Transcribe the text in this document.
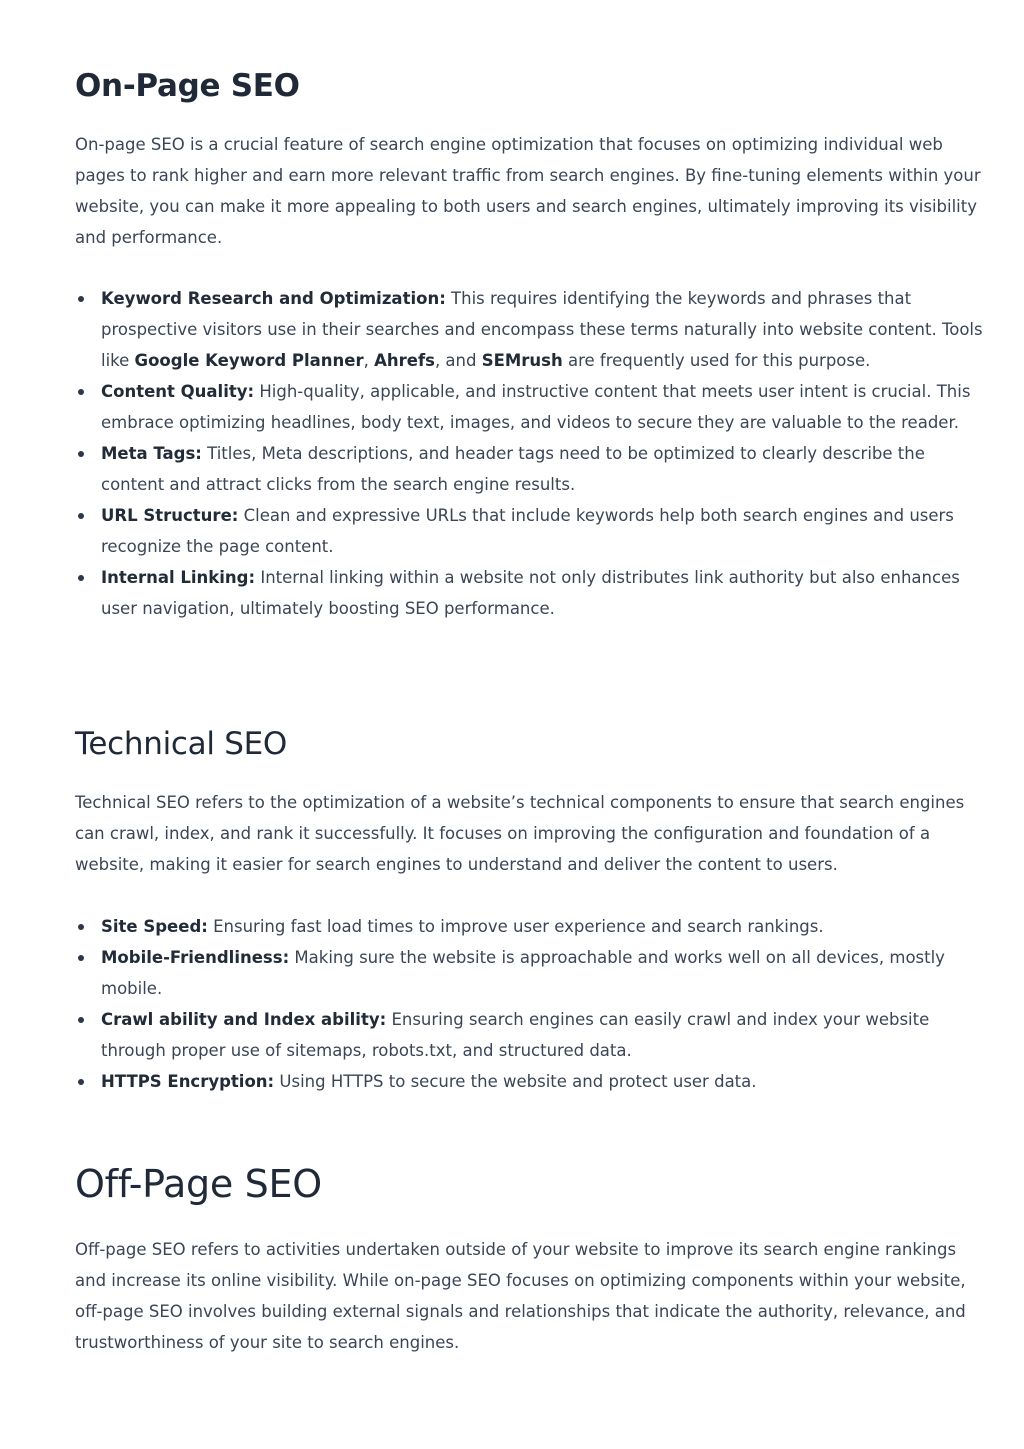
On-Page SEO

On-page SEO is a crucial feature of search engine optimization that focuses on optimizing individual web pages to rank higher and earn more relevant traffic from search engines. By fine-tuning elements within your website, you can make it more appealing to both users and search engines, ultimately improving its visibility and performance.

Keyword Research and Optimization: This requires identifying the keywords and phrases that prospective visitors use in their searches and encompass these terms naturally into website content. Tools like Google Keyword Planner, Ahrefs, and SEMrush are frequently used for this purpose.
Content Quality: High-quality, applicable, and instructive content that meets user intent is crucial. This embrace optimizing headlines, body text, images, and videos to secure they are valuable to the reader.
Meta Tags: Titles, Meta descriptions, and header tags need to be optimized to clearly describe the content and attract clicks from the search engine results.
URL Structure: Clean and expressive URLs that include keywords help both search engines and users recognize the page content.
Internal Linking: Internal linking within a website not only distributes link authority but also enhances user navigation, ultimately boosting SEO performance.
Technical SEO

Technical SEO refers to the optimization of a website’s technical components to ensure that search engines can crawl, index, and rank it successfully. It focuses on improving the configuration and foundation of a website, making it easier for search engines to understand and deliver the content to users.

Site Speed: Ensuring fast load times to improve user experience and search rankings.
Mobile-Friendliness: Making sure the website is approachable and works well on all devices, mostly mobile.
Crawl ability and Index ability: Ensuring search engines can easily crawl and index your website through proper use of sitemaps, robots.txt, and structured data.
HTTPS Encryption: Using HTTPS to secure the website and protect user data.
Off-Page SEO

Off-page SEO refers to activities undertaken outside of your website to improve its search engine rankings and increase its online visibility. While on-page SEO focuses on optimizing components within your website, off-page SEO involves building external signals and relationships that indicate the authority, relevance, and trustworthiness of your site to search engines.
